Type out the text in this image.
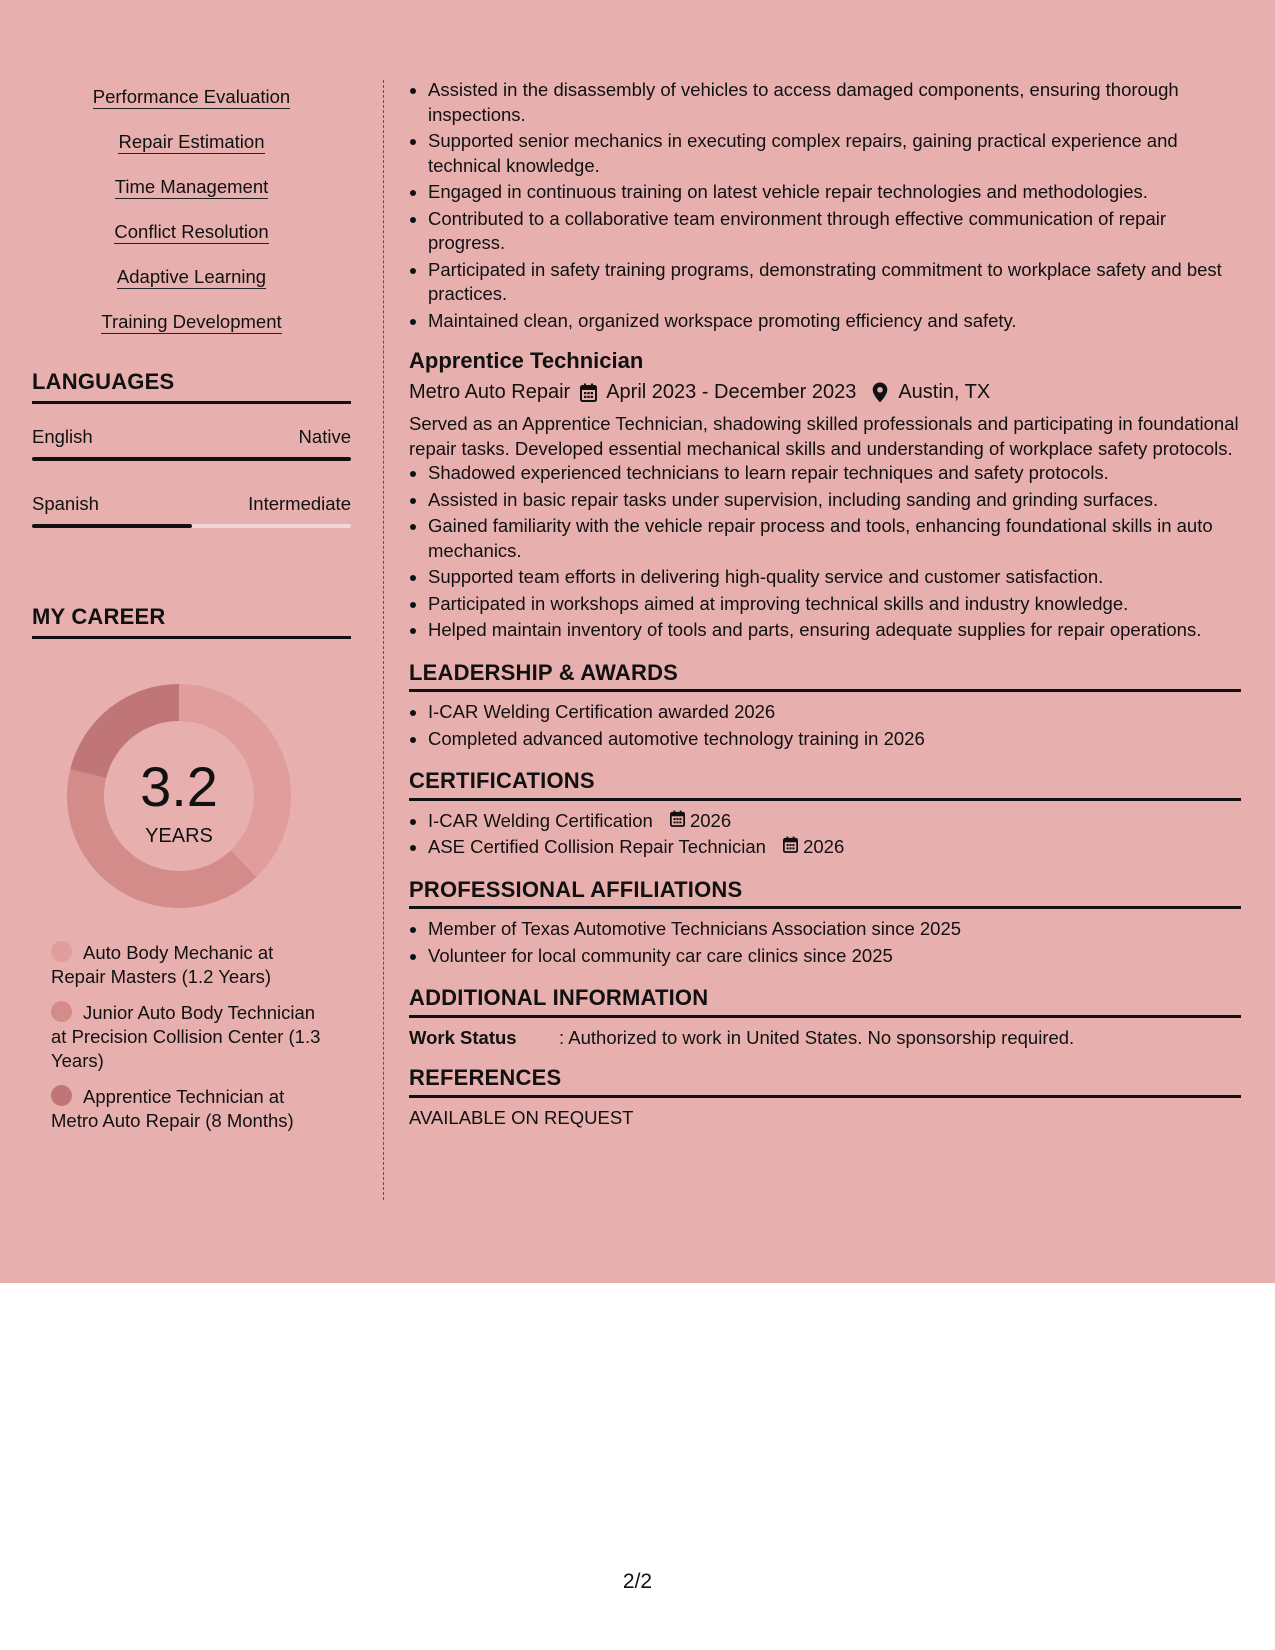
Performance Evaluation
Repair Estimation
Time Management
Conflict Resolution
Adaptive Learning
Training Development
LANGUAGES
English	Native
Spanish	Intermediate
MY CAREER
3.2
YEARS
Auto Body Mechanic at Repair Masters (1.2 Years)
Junior Auto Body Technician at Precision Collision Center (1.3 Years)
Apprentice Technician at Metro Auto Repair (8 Months)
• Assisted in the disassembly of vehicles to access damaged components, ensuring thorough inspections.
• Supported senior mechanics in executing complex repairs, gaining practical experience and technical knowledge.
• Engaged in continuous training on latest vehicle repair technologies and methodologies.
• Contributed to a collaborative team environment through effective communication of repair progress.
• Participated in safety training programs, demonstrating commitment to workplace safety and best practices.
• Maintained clean, organized workspace promoting efficiency and safety.
Apprentice Technician
Metro Auto Repair April 2023 - December 2023 Austin, TX

Served as an Apprentice Technician, shadowing skilled professionals and participating in foundational repair tasks. Developed essential mechanical skills and understanding of workplace safety protocols.

• Shadowed experienced technicians to learn repair techniques and safety protocols.
• Assisted in basic repair tasks under supervision, including sanding and grinding surfaces.
• Gained familiarity with the vehicle repair process and tools, enhancing foundational skills in auto mechanics.
• Supported team efforts in delivering high-quality service and customer satisfaction.
• Participated in workshops aimed at improving technical skills and industry knowledge.
• Helped maintain inventory of tools and parts, ensuring adequate supplies for repair operations.
LEADERSHIP & AWARDS
• I-CAR Welding Certification awarded 2026
• Completed advanced automotive technology training in 2026
CERTIFICATIONS
• I-CAR Welding Certification 2026
• ASE Certified Collision Repair Technician 2026
PROFESSIONAL AFFILIATIONS
• Member of Texas Automotive Technicians Association since 2025
• Volunteer for local community car care clinics since 2025
ADDITIONAL INFORMATION
Work Status	: Authorized to work in United States. No sponsorship required.
REFERENCES
AVAILABLE ON REQUEST
2/2
